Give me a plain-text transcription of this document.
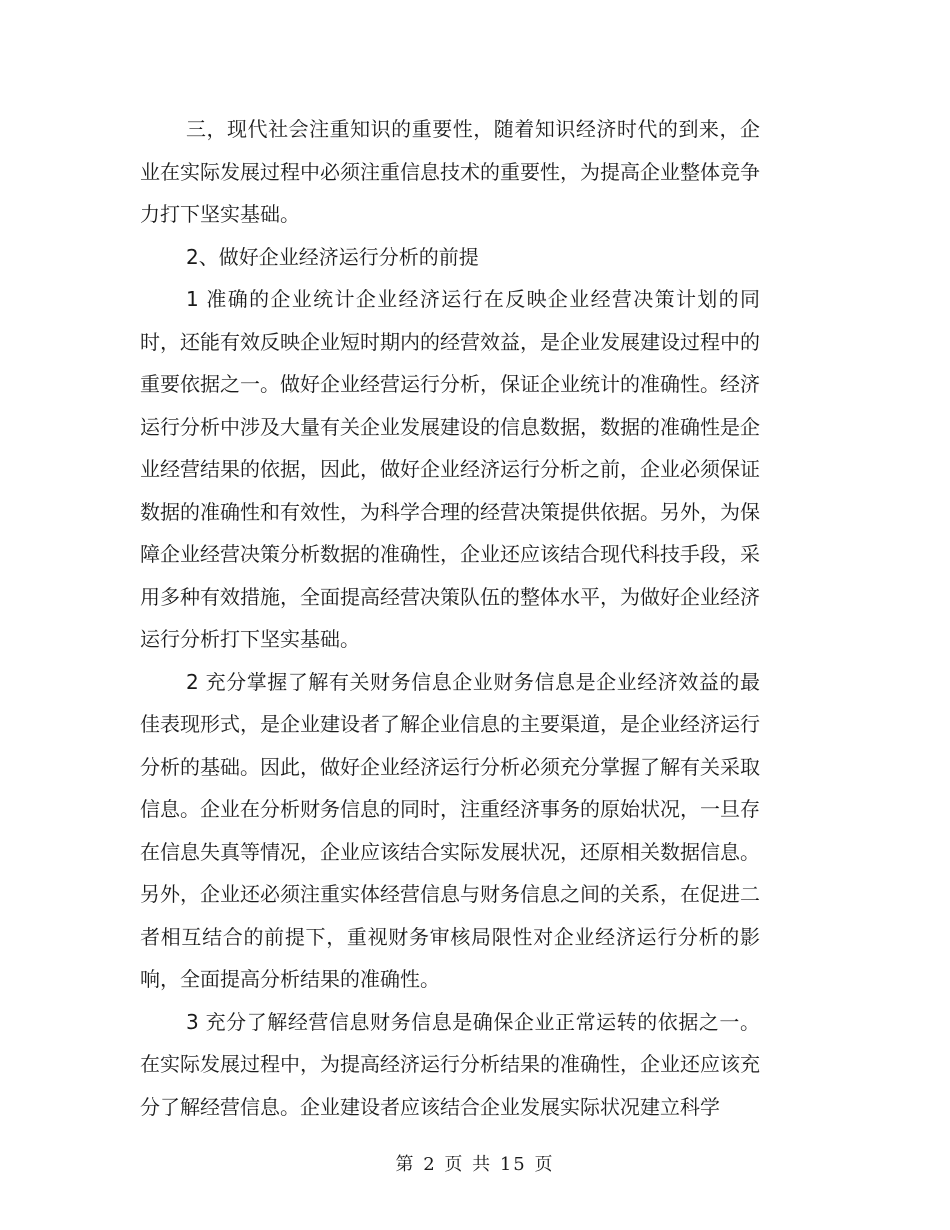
三，现代社会注重知识的重要性，随着知识经济时代的到来，企业在实际发展过程中必须注重信息技术的重要性，为提高企业整体竞争力打下坚实基础。

2、做好企业经济运行分析的前提

1 准确的企业统计企业经济运行在反映企业经营决策计划的同时，还能有效反映企业短时期内的经营效益，是企业发展建设过程中的重要依据之一。做好企业经营运行分析，保证企业统计的准确性。经济运行分析中涉及大量有关企业发展建设的信息数据，数据的准确性是企业经营结果的依据，因此，做好企业经济运行分析之前，企业必须保证数据的准确性和有效性，为科学合理的经营决策提供依据。另外，为保障企业经营决策分析数据的准确性，企业还应该结合现代科技手段，采用多种有效措施，全面提高经营决策队伍的整体水平，为做好企业经济运行分析打下坚实基础。

2 充分掌握了解有关财务信息企业财务信息是企业经济效益的最佳表现形式，是企业建设者了解企业信息的主要渠道，是企业经济运行分析的基础。因此，做好企业经济运行分析必须充分掌握了解有关采取信息。企业在分析财务信息的同时，注重经济事务的原始状况，一旦存在信息失真等情况，企业应该结合实际发展状况，还原相关数据信息。另外，企业还必须注重实体经营信息与财务信息之间的关系，在促进二者相互结合的前提下，重视财务审核局限性对企业经济运行分析的影响，全面提高分析结果的准确性。

3 充分了解经营信息财务信息是确保企业正常运转的依据之一。在实际发展过程中，为提高经济运行分析结果的准确性，企业还应该充分了解经营信息。企业建设者应该结合企业发展实际状况建立科学

第 2 页 共 15 页
